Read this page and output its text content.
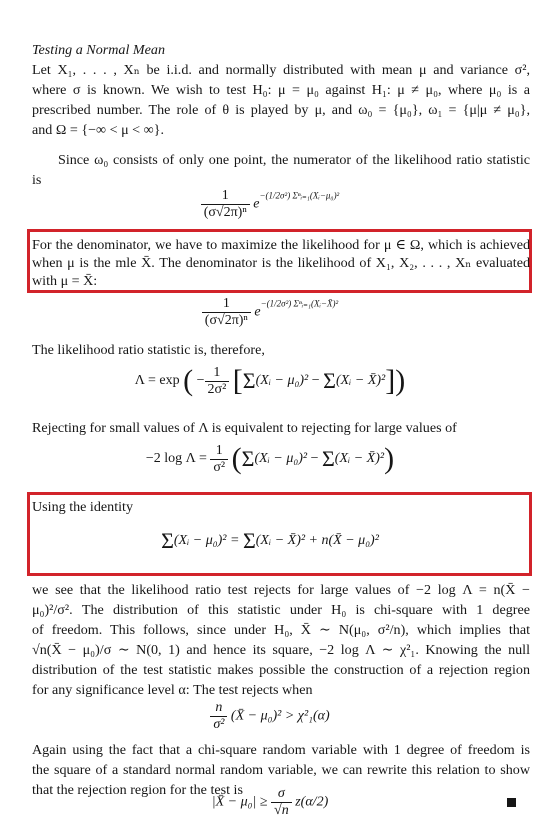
Testing a Normal Mean
Let X₁, . . . , Xₙ be i.i.d. and normally distributed with mean μ and variance σ²,
where σ is known. We wish to test H₀: μ = μ₀ against H₁: μ ≠ μ₀, where μ₀ is a
prescribed number. The role of θ is played by μ, and ω₀ = {μ₀}, ω₁ = {μ|μ ≠ μ₀},
and Ω = {−∞ < μ < ∞}.
Since ω₀ consists of only one point, the numerator of the likelihood ratio statistic
is
$\frac{1}{\text{(σ√2π)ⁿ}} e^{-(1/2\sigma^2) \Sigma^nᵢ_{=1}(Xᵢ-\mu_0)^2}$
For the denominator, we have to maximize the likelihood for μ ∈ Ω, which is achieved
when μ is the mle X̄. The denominator is the likelihood of X₁, X₂, . . . , Xₙ evaluated
with μ = X̄:
$\frac{1}{\text{(σ√2π)ⁿ}} e^{-(1/2\sigma^2) \Sigma^nᵢ_{=1}(Xᵢ-X̄)^2}$
The likelihood ratio statistic is, therefore,
Λ = exp ( − $\frac{1}{\text{2σ²}}$ [Σ(Xᵢ − μ₀)² − Σ(Xᵢ − X̄)²])
Rejecting for small values of Λ is equivalent to rejecting for large values of
−2 $\log \Lambda = \frac{1}{\text{σ²}}$ (Σ(Xᵢ − μ₀)² − Σ(Xᵢ − X̄)²)
Using the identity
Σ(Xᵢ − μ₀)² = Σ(Xᵢ − X̄)² + n(X̄ − μ₀)²
we see that the likelihood ratio test rejects for large values of −2 log Λ = n(X̄ −
μ₀)²/σ². The distribution of this statistic under H₀ is chi-square with 1 degree
of freedom. This follows, since under H₀, X̄ ∼ N(μ₀, σ²/n), which implies that
√n(X̄ − μ₀)/σ ∼ N(0, 1) and hence its square, −2 log Λ ∼ χ²₁. Knowing the null
distribution of the test statistic makes possible the construction of a rejection region
for any significance level α: The test rejects when
$\frac{n}{\text{σ²}}$ (X̄ − μ₀)² > χ²₁(α)
Again using the fact that a chi-square random variable with 1 degree of freedom is
the square of a standard normal random variable, we can rewrite this relation to show
that the rejection region for the test is
|X̄ − $\mu_0| \ge \frac{\sigma}{√n} z(\alpha/2)$
